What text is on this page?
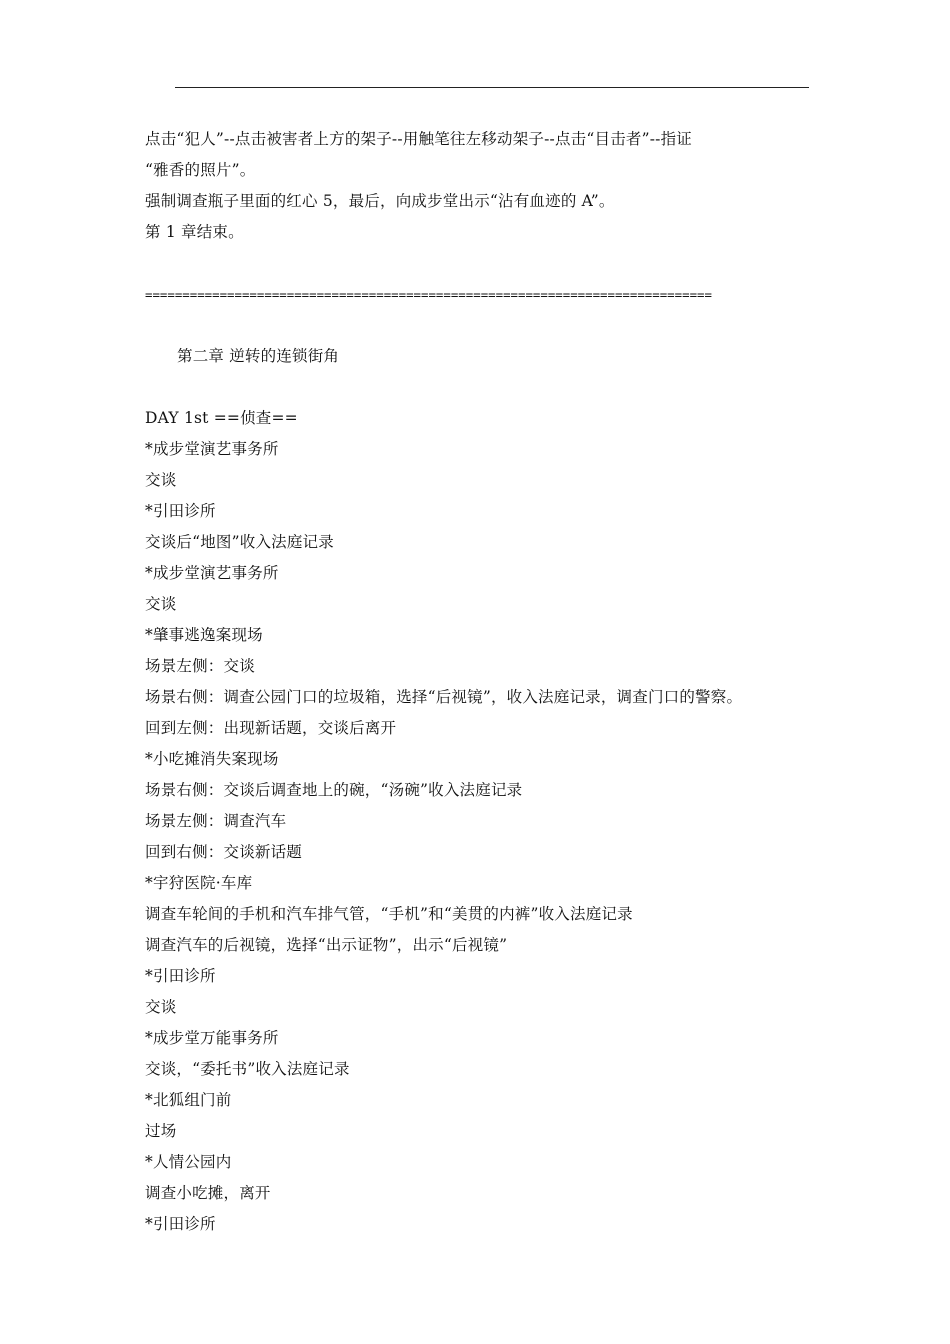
点击“犯人”--点击被害者上方的架子--用触笔往左移动架子--点击“目击者”--指证
“雅香的照片”。
强制调查瓶子里面的红心 5，最后，向成步堂出示“沾有血迹的 A”。
第 1 章结束。
============================================================================
第二章 逆转的连锁街角
DAY 1st ==侦查==
*成步堂演艺事务所
交谈
*引田诊所
交谈后“地图”收入法庭记录
*成步堂演艺事务所
交谈
*肇事逃逸案现场
场景左侧：交谈
场景右侧：调查公园门口的垃圾箱，选择“后视镜”，收入法庭记录，调查门口的警察。
回到左侧：出现新话题，交谈后离开
*小吃摊消失案现场
场景右侧：交谈后调查地上的碗，“汤碗”收入法庭记录
场景左侧：调查汽车
回到右侧：交谈新话题
*宇狩医院·车库
调查车轮间的手机和汽车排气管，“手机”和“美贯的内裤”收入法庭记录
调查汽车的后视镜，选择“出示证物”，出示“后视镜”
*引田诊所
交谈
*成步堂万能事务所
交谈，“委托书”收入法庭记录
*北狐组门前
过场
*人情公园内
调查小吃摊，离开
*引田诊所
